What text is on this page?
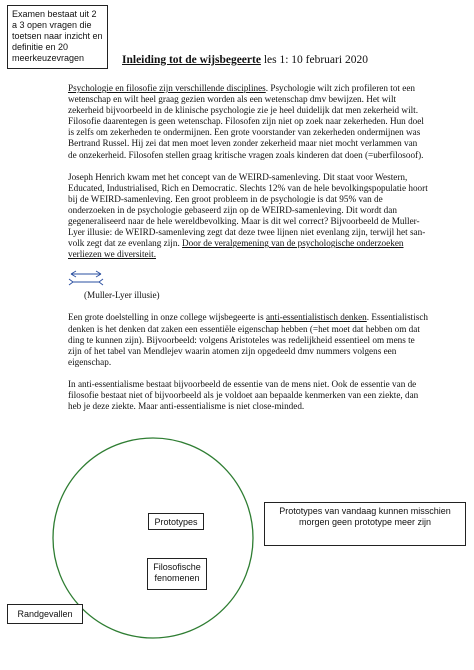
Examen bestaat uit 2 a 3 open vragen die toetsen naar inzicht en definitie en 20 meerkeuzevragen	Inleiding tot de wijsbegeerte les 1: 10 februari 2020

Psychologie en filosofie zijn verschillende disciplines. Psychologie wilt zich profileren tot een wetenschap en wilt heel graag gezien worden als een wetenschap dmv bewijzen. Het wilt zekerheid bijvoorbeeld in de klinische psychologie zie je heel duidelijk dat men zekerheid wilt. Filosofie daarentegen is geen wetenschap. Filosofen zijn niet op zoek naar zekerheden. Hun doel is zelfs om zekerheden te ondermijnen. Een grote voorstander van zekerheden ondermijnen was Bertrand Russel. Hij zei dat men moet leven zonder zekerheid maar niet mocht verlammen van de onzekerheid. Filosofen stellen graag kritische vragen zoals kinderen dat doen (=uberfilosoof).

Joseph Henrich kwam met het concept van de WEIRD-samenleving. Dit staat voor Western, Educated, Industrialised, Rich en Democratic. Slechts 12% van de hele bevolkingspopulatie hoort bij de WEIRD-samenleving. Een groot probleem in de psychologie is dat 95% van de onderzoeken in de psychologie gebaseerd zijn op de WEIRD-samenleving. Dit wordt dan gegeneraliseerd naar de hele wereldbevolking. Maar is dit wel correct? Bijvoorbeeld de Muller-Lyer illusie: de WEIRD-samenleving zegt dat deze twee lijnen niet evenlang zijn, terwijl het san-volk zegt dat ze evenlang zijn. Door de veralgemening van de psychologische onderzoeken verliezen we diversiteit.

(Muller-Lyer illusie)

Een grote doelstelling in onze college wijsbegeerte is anti-essentialistisch denken. Essentialistisch denken is het denken dat zaken een essentiële eigenschap hebben (=het moet dat hebben om dat ding te kunnen zijn). Bijvoorbeeld: volgens Aristoteles was redelijkheid essentieel om mens te zijn of het tabel van Mendlejev waarin atomen zijn opgedeeld dmv nummers volgens een eigenschap.

In anti-essentialisme bestaat bijvoorbeeld de essentie van de mens niet. Ook de essentie van de filosofie bestaat niet of bijvoorbeeld als je voldoet aan bepaalde kenmerken van een ziekte, dan heb je deze ziekte. Maar anti-essentialisme is niet close-minded.

Prototypes
Filosofische fenomenen
Randgevallen
Prototypes van vandaag kunnen misschien morgen geen prototype meer zijn
